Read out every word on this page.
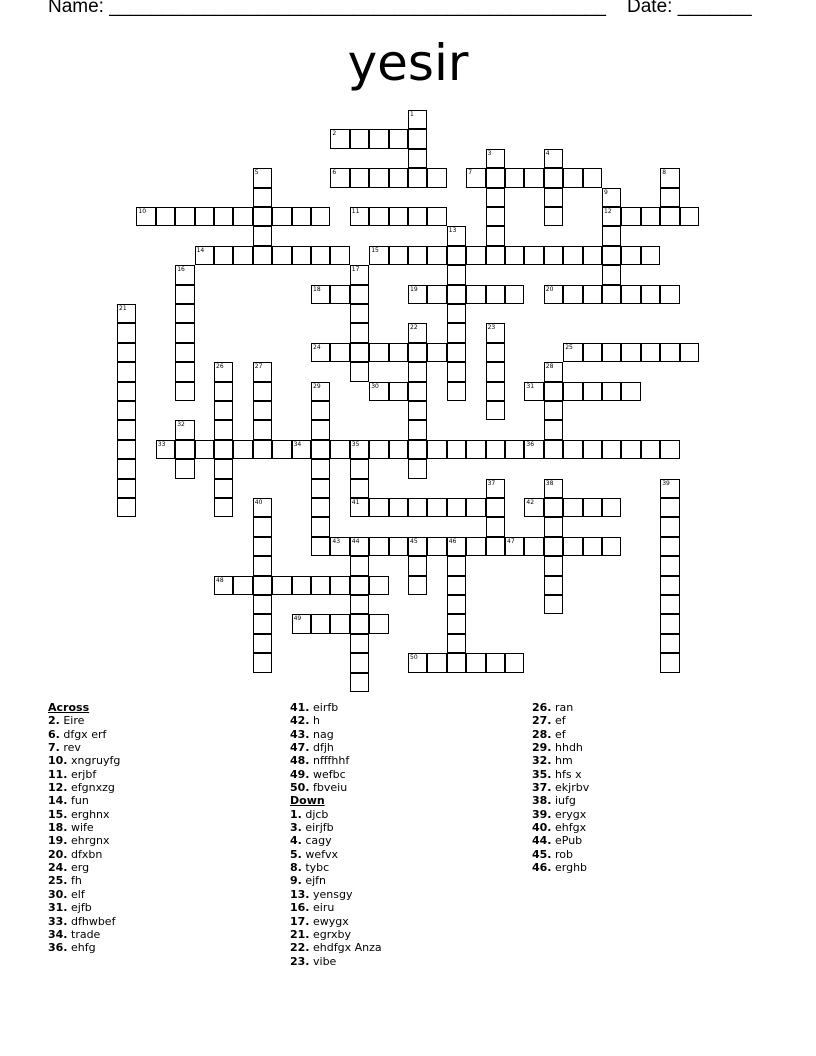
Name: _______________________________________________ Date: _______
yesir
1
2
3	4
5	6	7	8
9
12
10	11
13
14	15
16	17
18	19	20
21
22	23
24	25
26	27	28
29	30	31
32
33	34	35	36
37	38	39
40	41	42
43 44	45	46	47
48
49
50
Across
2. Eire
6. dfgx erf
7. rev
10. xngruyfg
11. erjbf
12. efgnxzg
14. fun
15. erghnx
18. wife
19. ehrgnx
20. dfxbn
24. erg
25. fh
30. elf
31. ejfb
33. dfhwbef
34. trade
36. ehfg
41. eirfb
42. h
43. nag
47. dfjh
48. nfffhhf
49. wefbc
50. fbveiu
Down
1. djcb
3. eirjfb
4. cagy
5. wefvx
8. tybc
9. ejfn
13. yensgy
16. eiru
17. ewygx
21. egrxby
22. ehdfgx Anza
23. vibe
26. ran
27. ef
28. ef
29. hhdh
32. hm
35. hfs x
37. ekjrbv
38. iufg
39. erygx
40. ehfgx
44. ePub
45. rob
46. erghb
